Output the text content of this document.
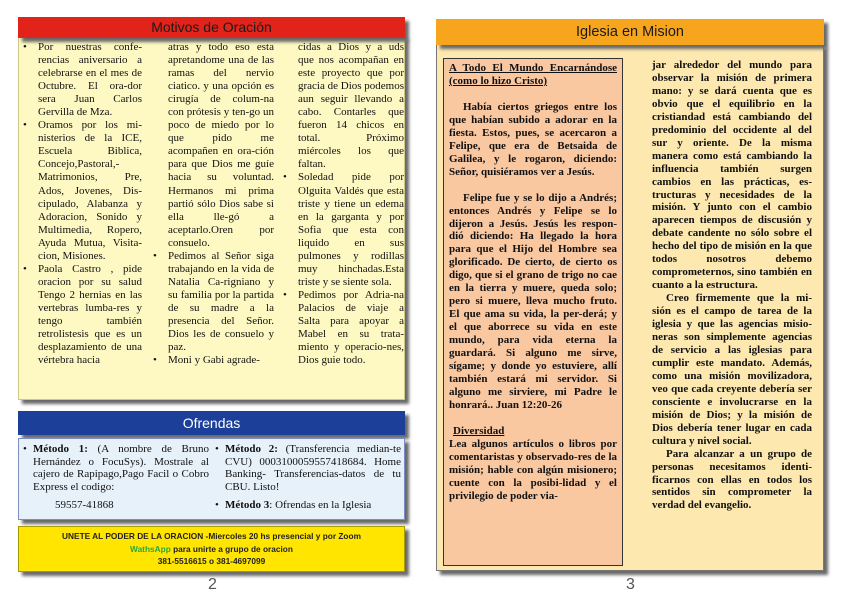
Motivos de Oración
• Por nuestras confe-rencias aniversario a celebrarse en el mes de Octubre. El ora-dor sera Juan Carlos Gervilla de Mza.
• Oramos por los mi-nisterios de la ICE, Escuela Biblica, Concejo,Pastoral,-Matrimonios, Pre, Ados, Jovenes, Dis-cipulado, Alabanza y Adoracion, Sonido y Multimedia, Ropero, Ayuda Mutua, Visita-cion, Misiones.
• Paola Castro , pide oracion por su salud Tengo 2 hernias en las vertebras lumba-res y tengo también retrolistesis que es un desplazamiento de una vértebra hacia
atras y todo eso esta apretandome una de las ramas del nervio ciatico. y una opción es cirugía de colum-na con prótesis y ten-go un poco de miedo por lo que pido me acompañen en ora-ción para que Dios me guíe hacia su voluntad. Hermanos mi prima partió sólo Dios sabe si ella lle-gó a aceptarlo.Oren por consuelo.
• Pedimos al Señor siga trabajando en la vida de Natalia Ca-rigniano y su familia por la partida de su madre a la presencia del Señor. Dios les de consuelo y paz.
• Moni y Gabi agrade-
cidas a Dios y a uds que nos acompañan en este proyecto que por gracia de Dios podemos aun seguir llevando a cabo. Contarles que fueron 14 chicos en total. Próximo miércoles los que faltan.
• Soledad pide por Olguita Valdés que esta triste y tiene un edema en la garganta y por Sofia que esta con liquido en sus pulmones y rodillas muy hinchadas.Esta triste y se siente sola.
• Pedimos por Adria-na Palacios de viaje a Salta para apoyar a Mabel en su trata-miento y operacio-nes, Dios guie todo.
Ofrendas
• Método 1: (A nombre de Bruno Hernández o FocuSys). Mostrale al cajero de Rapipago,Pago Facil o Cobro Express el codigo:
59557-41868
• Método 2: (Transferencia median-te CVU) 0003100059557418684. Home Banking- Transferencias-datos de tu CBU. Listo!
• Método 3: Ofrendas en la Iglesia
UNETE AL PODER DE LA ORACION -Miercoles 20 hs presencial y por Zoom
WathsApp para unirte a grupo de oracion
381-5516615 o 381-4697099
2
Iglesia en Mision

A Todo El Mundo Encarnándose (como lo hizo Cristo)

Había ciertos griegos entre los que habían subido a adorar en la fiesta. Estos, pues, se acercaron a Felipe, que era de Betsaida de Galilea, y le rogaron, diciendo: Señor, quisiéramos ver a Jesús.

Felipe fue y se lo dijo a Andrés; entonces Andrés y Felipe se lo dijeron a Jesús. Jesús les respon-dió diciendo: Ha llegado la hora para que el Hijo del Hombre sea glorificado. De cierto, de cierto os digo, que si el grano de trigo no cae en la tierra y muere, queda solo; pero si muere, lleva mucho fruto. El que ama su vida, la per-derá; y el que aborrece su vida en este mundo, para vida eterna la guardará. Si alguno me sirve, sígame; y donde yo estuviere, allí también estará mi servidor. Si alguno me sirviere, mi Padre le honrará.. Juan 12:20-26

Diversidad

Lea algunos artículos o libros por comentaristas y observado-res de la misión; hable con algún misionero; cuente con la posibi-lidad y el privilegio de poder via-

jar alrededor del mundo para observar la misión de primera mano: y se dará cuenta que es obvio que el equilibrio en la cristiandad está cambiando del predominio del occidente al del sur y oriente. De la misma manera como está cambiando la influencia también surgen cambios en las prácticas, es-tructuras y necesidades de la misión. Y junto con el cambio aparecen tiempos de discusión y debate candente no sólo sobre el hecho del tipo de misión en la que todos nosotros debemo comprometernos, sino también en cuanto a la estructura.

Creo firmemente que la mi-sión es el campo de tarea de la iglesia y que las agencias misio-neras son simplemente agencias de servicio a las iglesias para cumplir este mandato. Además, como una misión movilizadora, veo que cada creyente debería ser consciente e involucrarse en la misión de Dios; y la misión de Dios debería tener lugar en cada cultura y nivel social.

Para alcanzar a un grupo de personas necesitamos identi-ficarnos con ellas en todos los sentidos sin comprometer la verdad del evangelio.

3
